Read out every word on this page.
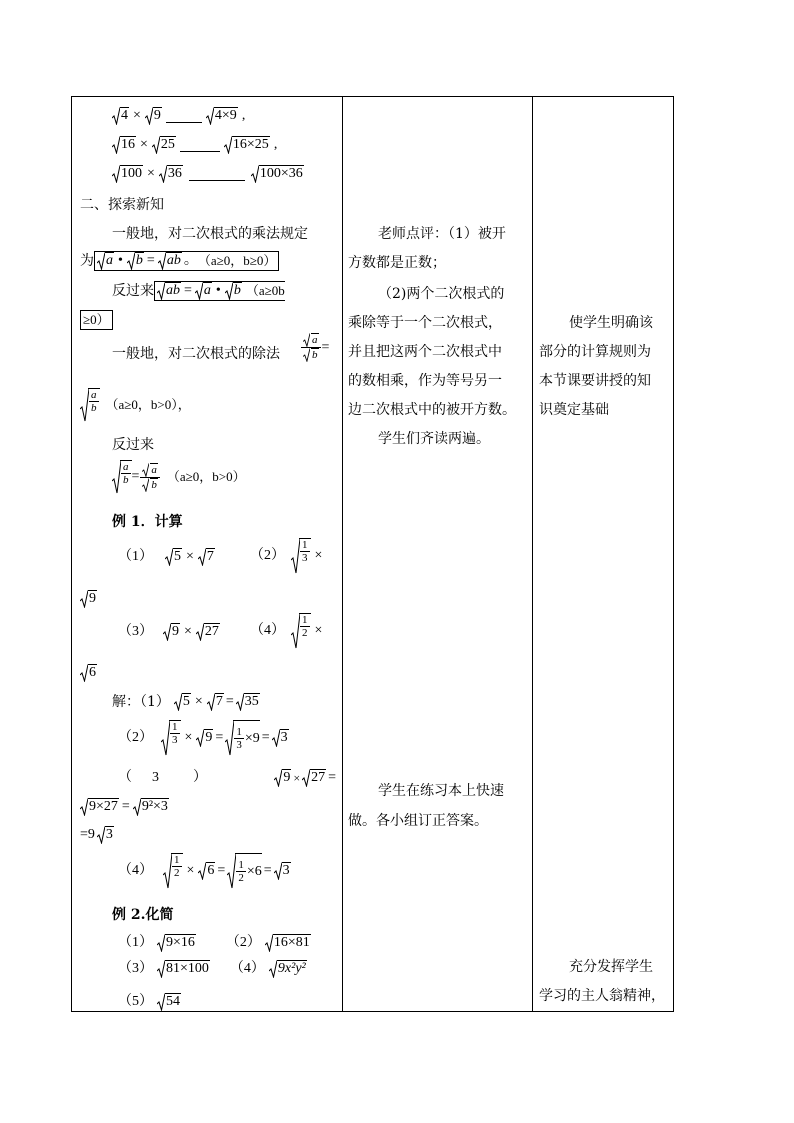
4 × 9	4×9 ,
16 × 25	16×25 ,
100 × 36	100×36
二、探索新知
一般地，对二次根式的乘法规定
为 a • b = ab 。 （a≥0，b≥0）
反过来 ab = a • b （a≥0b
≥0）
一般地，对二次根式的除法 $\frac{a}{b}$ =
$\frac{a}{b} (a\ge 0$，b>0），
反过来
$\frac{a}{b} = \frac{a}{b} (a\ge 0$，b>0）
例 1．计算
（1） 5 × 7	$(2) \frac{1}{3}$ ×
9
（3） 9 × 27 $(4) \frac{1}{2}$ ×
6
解：（1） 5 × 7 = 35
$(2) \frac{1}{3} \times 9 = \frac{1}{3} \times 9 = 3$
（ 3 ）	9 × 27 =
9×27 = 9²×3
=9 3
$(4) \frac{1}{2} \times 6 = \frac{1}{2} \times 6 = 3$
例 2.化简
（1） 9×16 （2） 16×81
（3） 81×100 （4） 9x²y²
（5） 54
老师点评：（1）被开
方数都是正数；
（2)两个二次根式的
乘除等于一个二次根式，
并且把这两个二次根式中
的数相乘，作为等号另一
边二次根式中的被开方数。
学生们齐读两遍。
学生在练习本上快速
做。各小组订正答案。
使学生明确该
部分的计算规则为
本节课要讲授的知
识奠定基础
充分发挥学生
学习的主人翁精神，
